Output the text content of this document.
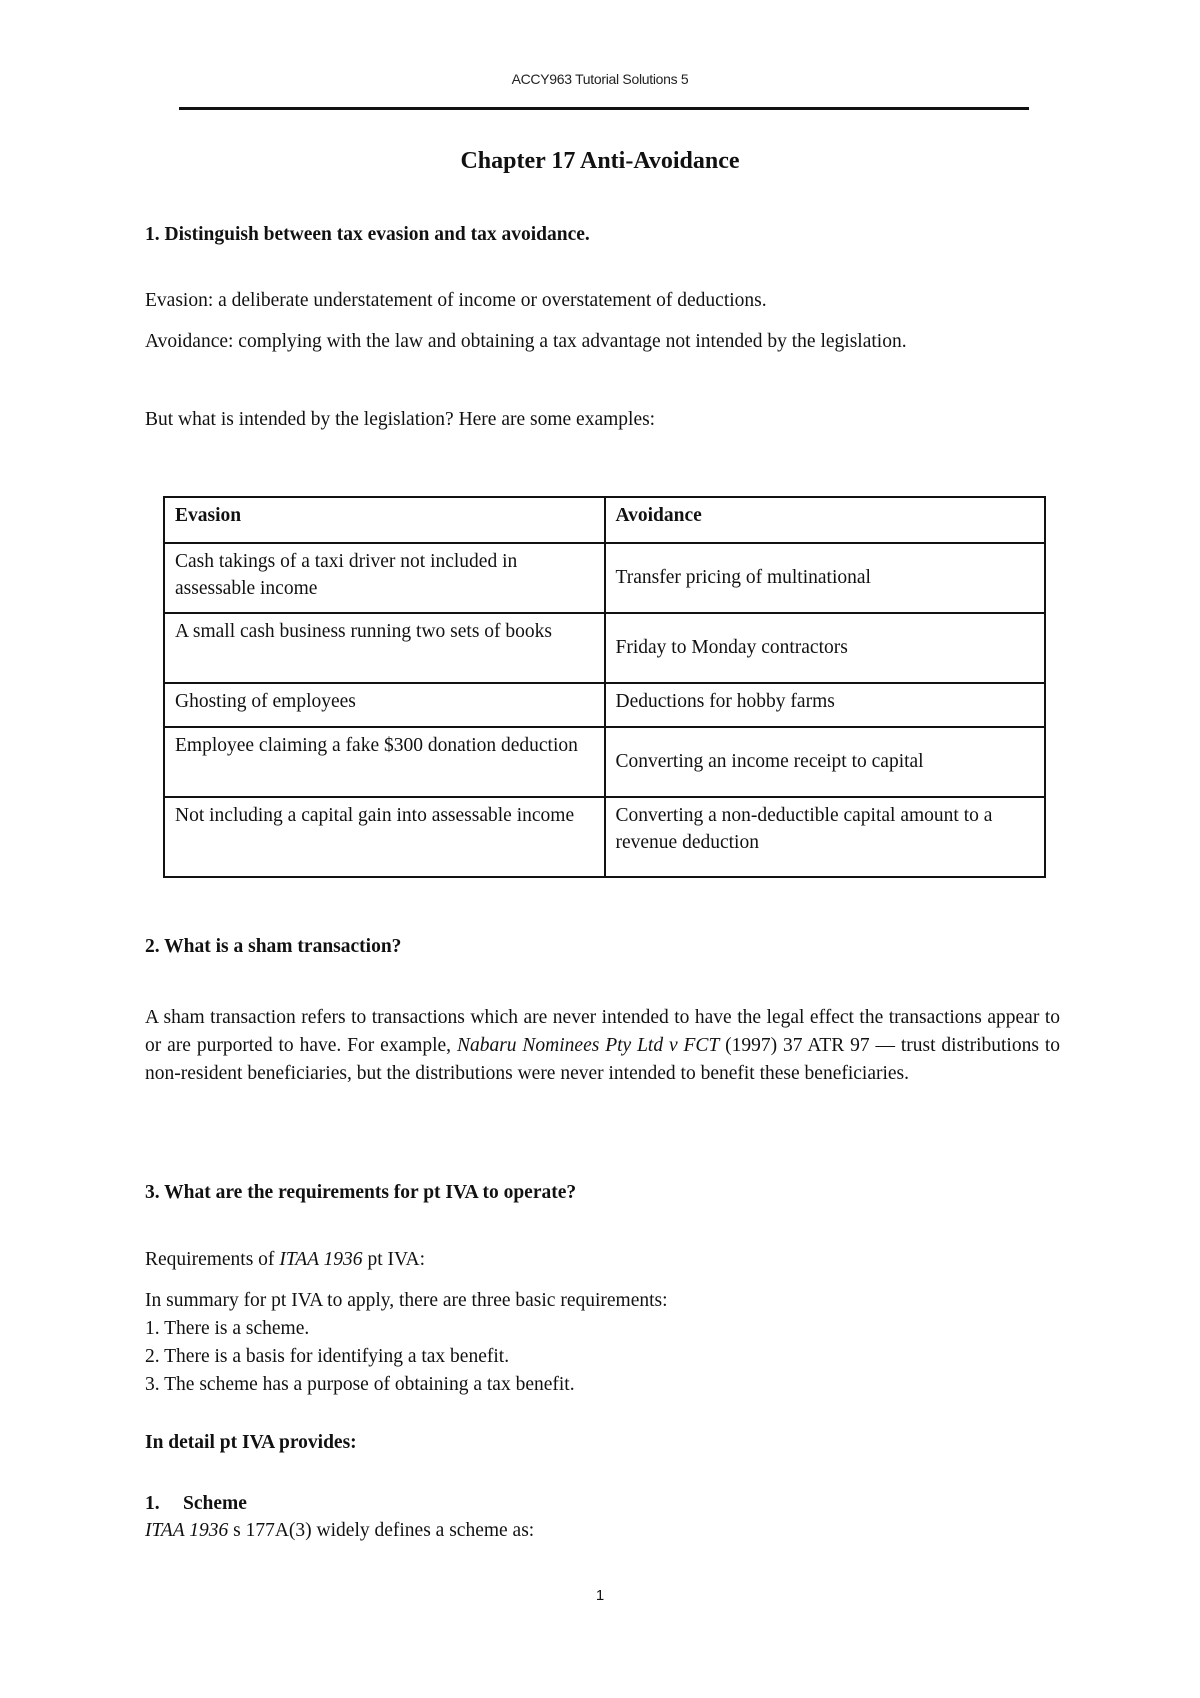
ACCY963 Tutorial Solutions 5
Chapter 17 Anti-Avoidance
1. Distinguish between tax evasion and tax avoidance.
Evasion: a deliberate understatement of income or overstatement of deductions.
Avoidance: complying with the law and obtaining a tax advantage not intended by the legislation.
But what is intended by the legislation? Here are some examples:
Evasion	Avoidance
Cash takings of a taxi driver not included in assessable income	Transfer pricing of multinational
A small cash business running two sets of books	Friday to Monday contractors
Ghosting of employees	Deductions for hobby farms
Employee claiming a fake $300 donation deduction	Converting an income receipt to capital
Not including a capital gain into assessable income	Converting a non-deductible capital amount to a revenue deduction
2. What is a sham transaction?
A sham transaction refers to transactions which are never intended to have the legal effect the transactions appear to or are purported to have. For example, Nabaru Nominees Pty Ltd v FCT (1997) 37 ATR 97 — trust distributions to non-resident beneficiaries, but the distributions were never intended to benefit these beneficiaries.
3. What are the requirements for pt IVA to operate?
Requirements of ITAA 1936 pt IVA:

In summary for pt IVA to apply, there are three basic requirements:

1. There is a scheme.

2. There is a basis for identifying a tax benefit.

3. The scheme has a purpose of obtaining a tax benefit.

In detail pt IVA provides:
1. Scheme
ITAA 1936 s 177A(3) widely defines a scheme as:
1
